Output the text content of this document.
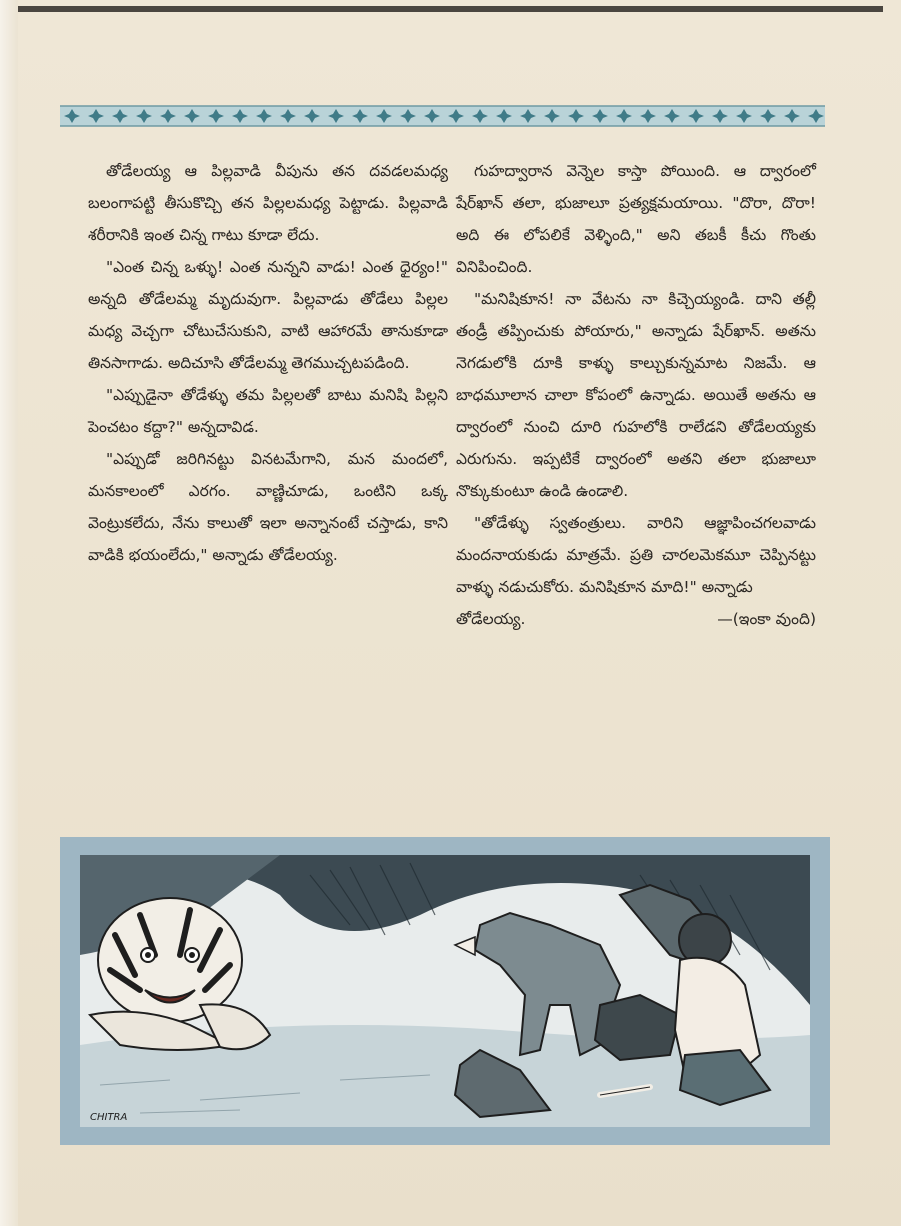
తోడేలయ్య ఆ పిల్లవాడి వీపును తన దవడలమధ్య బలంగాపట్టి తీసుకొచ్చి తన పిల్లలమధ్య పెట్టాడు. పిల్లవాడి శరీరానికి ఇంత చిన్న గాటు కూడా లేదు.

"ఎంత చిన్న ఒళ్ళు! ఎంత నున్నని వాడు! ఎంత ధైర్యం!" అన్నది తోడేలమ్మ మృదువుగా. పిల్లవాడు తోడేలు పిల్లల మధ్య వెచ్చగా చోటుచేసుకుని, వాటి ఆహారమే తానుకూడా తినసాగాడు. అదిచూసి తోడేలమ్మ తెగముచ్చటపడింది.

"ఎప్పుడైనా తోడేళ్ళు తమ పిల్లలతో బాటు మనిషి పిల్లని పెంచటం కద్దా?" అన్నదావిడ.

"ఎప్పుడో జరిగినట్టు వినటమేగాని, మన మందలో, మనకాలంలో ఎరగం. వాణ్ణిచూడు, ఒంటిని ఒక్క వెంట్రుకలేదు, నేను కాలుతో ఇలా అన్నానంటే చస్తాడు, కాని వాడికి భయంలేదు," అన్నాడు తోడేలయ్య.

గుహద్వారాన వెన్నెల కాస్తా పోయింది. ఆ ద్వారంలో షేర్‌ఖాన్ తలా, భుజాలూ ప్రత్యక్షమయాయి. "దొరా, దొరా! అది ఈ లోపలికే వెళ్ళింది," అని తబకీ కీచు గొంతు వినిపించింది.

"మనిషికూన! నా వేటను నా కిచ్చెయ్యండి. దాని తల్లీ తండ్రీ తప్పించుకు పోయారు," అన్నాడు షేర్‌ఖాన్. అతను నెగడులోకి దూకి కాళ్ళు కాల్చుకున్నమాట నిజమే. ఆ బాధమూలాన చాలా కోపంలో ఉన్నాడు. అయితే అతను ఆ ద్వారంలో నుంచి దూరి గుహలోకి రాలేడని తోడేలయ్యకు ఎరుగును. ఇప్పటికే ద్వారంలో అతని తలా భుజాలూ నొక్కుకుంటూ ఉండి ఉండాలి.

"తోడేళ్ళు స్వతంత్రులు. వారిని ఆజ్ఞాపించగలవాడు మందనాయకుడు మాత్రమే. ప్రతి చారలమెకమూ చెప్పినట్టు వాళ్ళు నడుచుకోరు. మనిషికూన మాది!" అన్నాడు

తోడేలయ్య.	—(ఇంకా వుంది)
CHITRA
